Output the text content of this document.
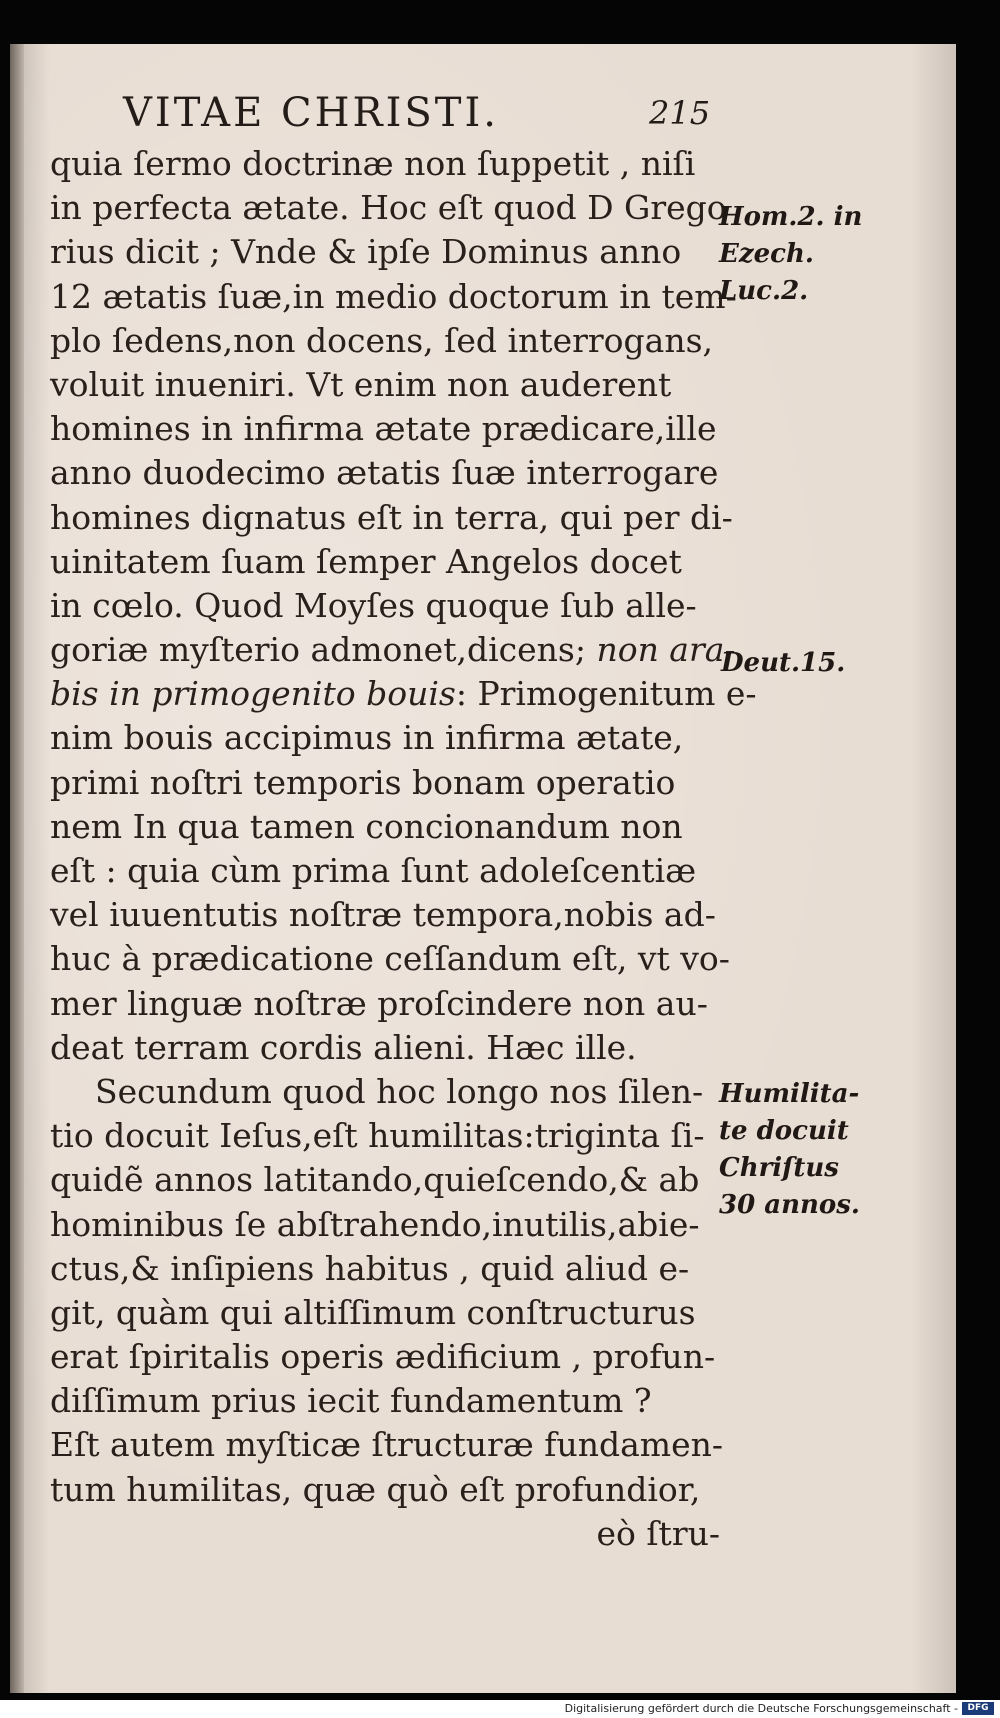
VITAE CHRISTI.	215
quia ſermo doctrinæ non ſuppetit , niſi
in perfecta ætate. Hoc eſt quod D Grego
rius dicit ; Vnde & ipſe Dominus anno
12 ætatis ſuæ,in medio doctorum in tem-
plo ſedens,non docens, ſed interrogans,
voluit inueniri. Vt enim non auderent
homines in infirma ætate prædicare,ille
anno duodecimo ætatis ſuæ interrogare
homines dignatus eſt in terra, qui per di-
uinitatem ſuam ſemper Angelos docet
in cœlo. Quod Moyſes quoque ſub alle-
goriæ myſterio admonet,dicens; non ara-
bis in primogenito bouis: Primogenitum e-
nim bouis accipimus in infirma ætate,
primi noſtri temporis bonam operatio
nem In qua tamen concionandum non
eſt : quia cùm prima ſunt adoleſcentiæ
vel iuuentutis noſtræ tempora,nobis ad-
huc à prædicatione ceſſandum eſt, vt vo-
mer linguæ noſtræ proſcindere non au-
deat terram cordis alieni. Hæc ille.
Secundum quod hoc longo nos ſilen-
tio docuit Ieſus,eſt humilitas:triginta ſi-
quidẽ annos latitando,quieſcendo,& ab
hominibus ſe abſtrahendo,inutilis,abie-
ctus,& inſipiens habitus , quid aliud e-
git, quàm qui altiſſimum conſtructurus
erat ſpiritalis operis ædificium , profun-
diſſimum prius iecit fundamentum ?
Eſt autem myſticæ ſtructuræ fundamen-
tum humilitas, quæ quò eſt profundior,
eò ſtru-
Hom.2. in
Ezech.
Luc.2.
Deut.15.
Humilita-
te docuit
Chriſtus
30 annos.
Digitalisierung gefördert durch die Deutsche Forschungsgemeinschaft -	DFG
